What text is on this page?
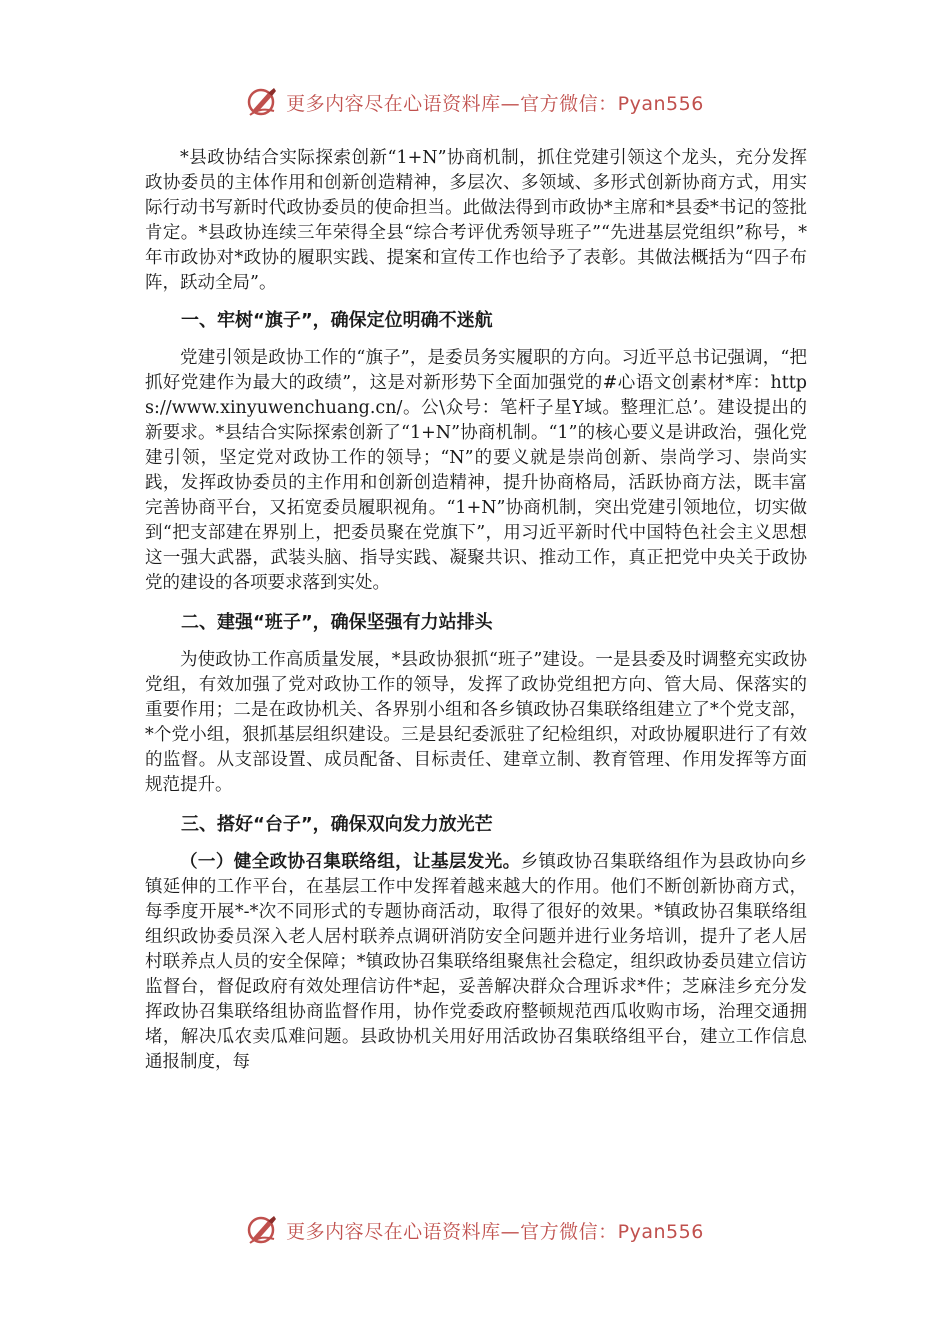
更多内容尽在心语资料库—官方微信：Pyan556

*县政协结合实际探索创新“1+N”协商机制，抓住党建引领这个龙头，充分发挥政协委员的主体作用和创新创造精神，多层次、多领域、多形式创新协商方式，用实际行动书写新时代政协委员的使命担当。此做法得到市政协*主席和*县委*书记的签批肯定。*县政协连续三年荣得全县“综合考评优秀领导班子”“先进基层党组织”称号，*年市政协对*政协的履职实践、提案和宣传工作也给予了表彰。其做法概括为“四子布阵，跃动全局”。

一、牢树“旗子”，确保定位明确不迷航

党建引领是政协工作的“旗子”，是委员务实履职的方向。习近平总书记强调，“把抓好党建作为最大的政绩”，这是对新形势下全面加强党的#心语文创素材*库：https://www.xinyuwenchuang.cn/。公\众号：笔杆子星Y域。整理汇总’。建设提出的新要求。*县结合实际探索创新了“1+N”协商机制。“1”的核心要义是讲政治，强化党建引领，坚定党对政协工作的领导；“N”的要义就是崇尚创新、崇尚学习、崇尚实践，发挥政协委员的主作用和创新创造精神，提升协商格局，活跃协商方法，既丰富完善协商平台，又拓宽委员履职视角。“1+N”协商机制，突出党建引领地位，切实做到“把支部建在界别上，把委员聚在党旗下”，用习近平新时代中国特色社会主义思想这一强大武器，武装头脑、指导实践、凝聚共识、推动工作，真正把党中央关于政协党的建设的各项要求落到实处。

二、建强“班子”，确保坚强有力站排头

为使政协工作高质量发展，*县政协狠抓“班子”建设。一是县委及时调整充实政协党组，有效加强了党对政协工作的领导，发挥了政协党组把方向、管大局、保落实的重要作用；二是在政协机关、各界别小组和各乡镇政协召集联络组建立了*个党支部，*个党小组，狠抓基层组织建设。三是县纪委派驻了纪检组织，对政协履职进行了有效的监督。从支部设置、成员配备、目标责任、建章立制、教育管理、作用发挥等方面规范提升。

三、搭好“台子”，确保双向发力放光芒

（一）健全政协召集联络组，让基层发光。乡镇政协召集联络组作为县政协向乡镇延伸的工作平台，在基层工作中发挥着越来越大的作用。他们不断创新协商方式，每季度开展*-*次不同形式的专题协商活动，取得了很好的效果。*镇政协召集联络组组织政协委员深入老人居村联养点调研消防安全问题并进行业务培训，提升了老人居村联养点人员的安全保障；*镇政协召集联络组聚焦社会稳定，组织政协委员建立信访监督台，督促政府有效处理信访件*起，妥善解决群众合理诉求*件；芝麻洼乡充分发挥政协召集联络组协商监督作用，协作党委政府整顿规范西瓜收购市场，治理交通拥堵，解决瓜农卖瓜难问题。县政协机关用好用活政协召集联络组平台，建立工作信息通报制度，每

更多内容尽在心语资料库—官方微信：Pyan556
